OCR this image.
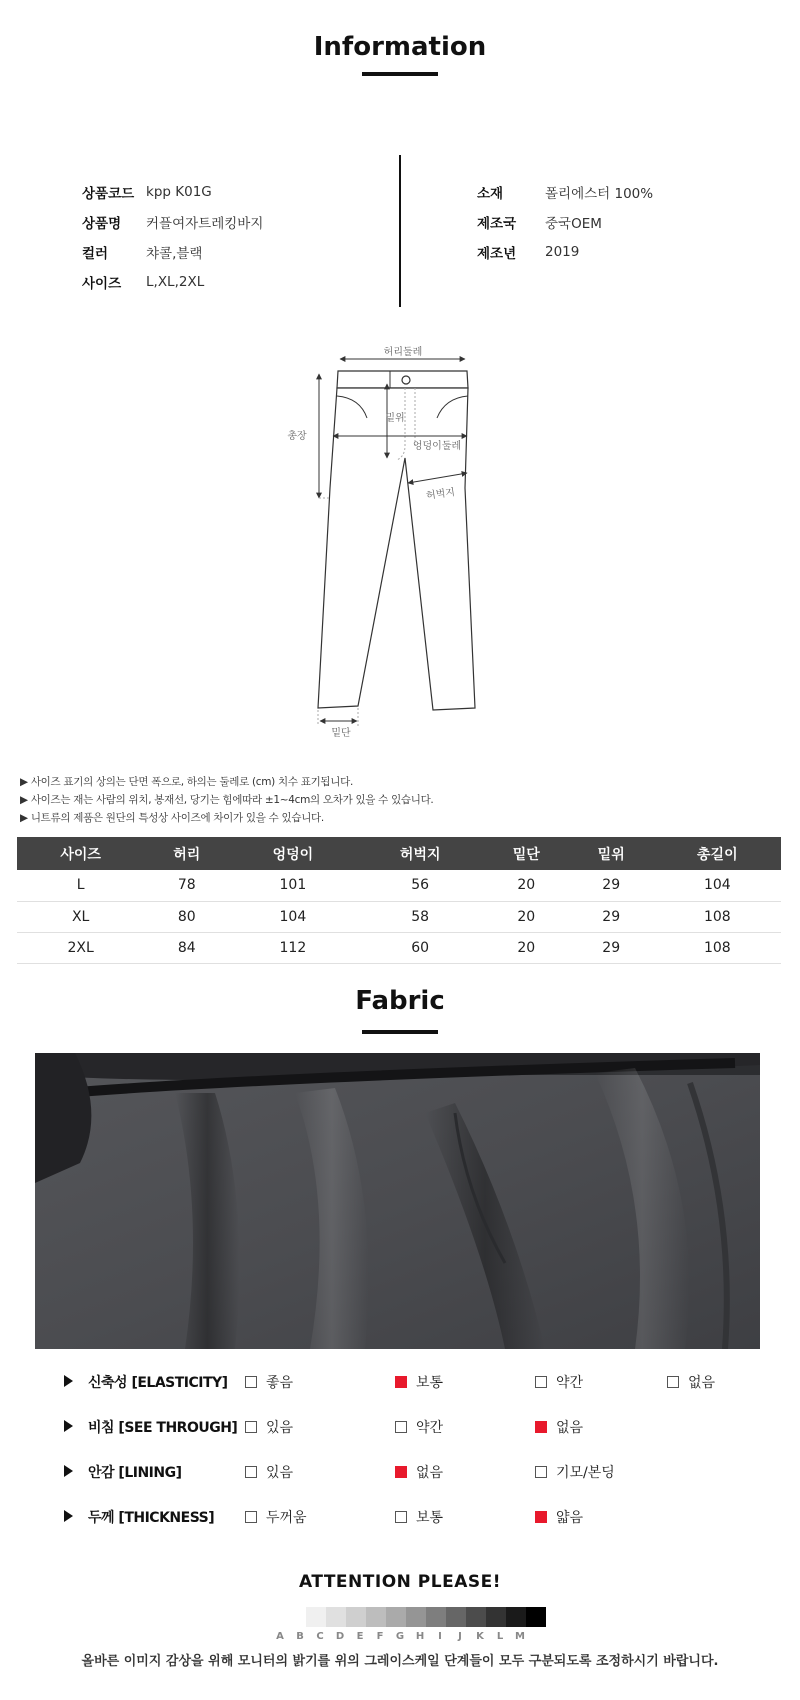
Information
상품코드 kpp K01G
상품명	커플여자트레킹바지
컬러	챠콜,블랙
사이즈	L,XL,2XL
소재	폴리에스터 100%
제조국	중국OEM
제조년	2019
허리둘레
밑위
엉덩이둘레
총장
허벅지
밑단
▶ 사이즈 표기의 상의는 단면 폭으로, 하의는 둘레로 (cm) 치수 표기됩니다.
▶ 사이즈는 재는 사람의 위치, 봉재선, 당기는 힘에따라 ±1~4cm의 오차가 있을 수 있습니다.
▶ 니트류의 제품은 원단의 특성상 사이즈에 차이가 있을 수 있습니다.
사이즈	허리	엉덩이	허벅지	밑단	밑위	총길이
L	78	101	56	20	29	104
XL	80	104	58	20	29	108
2XL	84	112	60	20	29	108
Fabric
신축성 [ELASTICITY]	좋음	보통	약간	없음
비침 [SEE THROUGH] 있음	약간	없음
안감 [LINING]	있음	없음	기모/본딩
두께 [THICKNESS]	두꺼움	보통	얇음
ATTENTION PLEASE!
A	B	C	D	E	F	G	H	I	J	K	L	M
올바른 이미지 감상을 위해 모니터의 밝기를 위의 그레이스케일 단계들이 모두 구분되도록 조정하시기 바랍니다.
